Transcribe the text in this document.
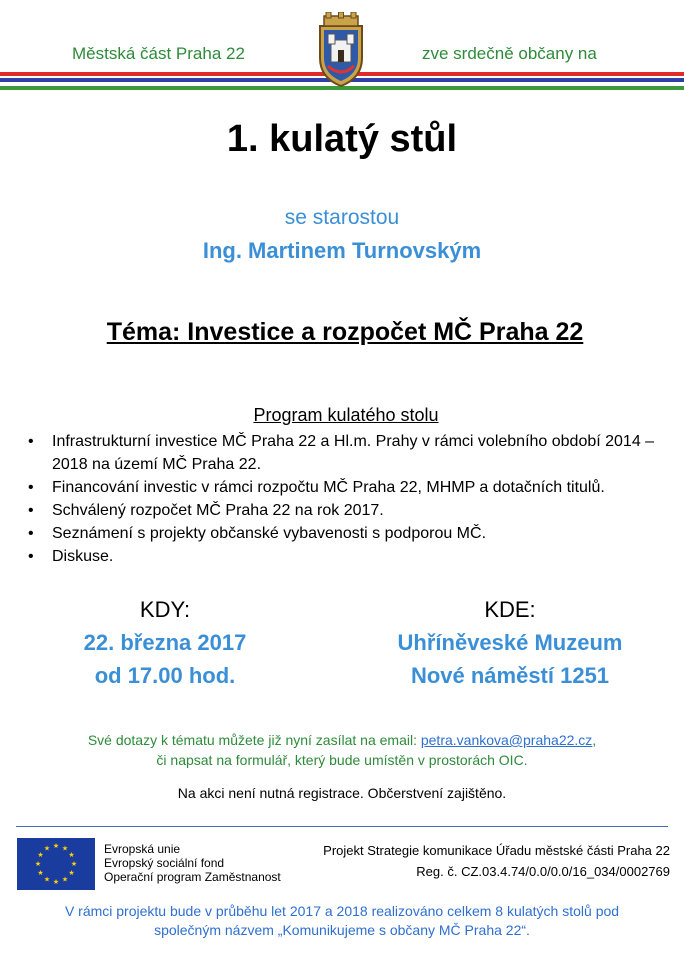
Městská část Praha 22	zve srdečně občany na
1. kulatý stůl
se starostou
Ing. Martinem Turnovským
Téma: Investice a rozpočet MČ Praha 22
Program kulatého stolu
• Infrastrukturní investice MČ Praha 22 a Hl.m. Prahy v rámci volebního období 2014 – 2018 na území MČ Praha 22.
• Financování investic v rámci rozpočtu MČ Praha 22, MHMP a dotačních titulů.
• Schválený rozpočet MČ Praha 22 na rok 2017.
• Seznámení s projekty občanské vybavenosti s podporou MČ.
• Diskuse.
KDY:
22. března 2017
od 17.00 hod.
KDE:
Uhříněveské Muzeum
Nové náměstí 1251
Své dotazy k tématu můžete již nyní zasílat na email: petra.vankova@praha22.cz,
či napsat na formulář, který bude umístěn v prostorách OIC.
Na akci není nutná registrace. Občerstvení zajištěno.
★ ★
★
★
★
★
★
★
★
★
★
★	Evropská unie
Evropský sociální fond
Operační program Zaměstnanost
Projekt Strategie komunikace Úřadu městské části Praha 22
Reg. č. CZ.03.4.74/0.0/0.0/16_034/0002769
V rámci projektu bude v průběhu let 2017 a 2018 realizováno celkem 8 kulatých stolů pod
společným názvem „Komunikujeme s občany MČ Praha 22“.
